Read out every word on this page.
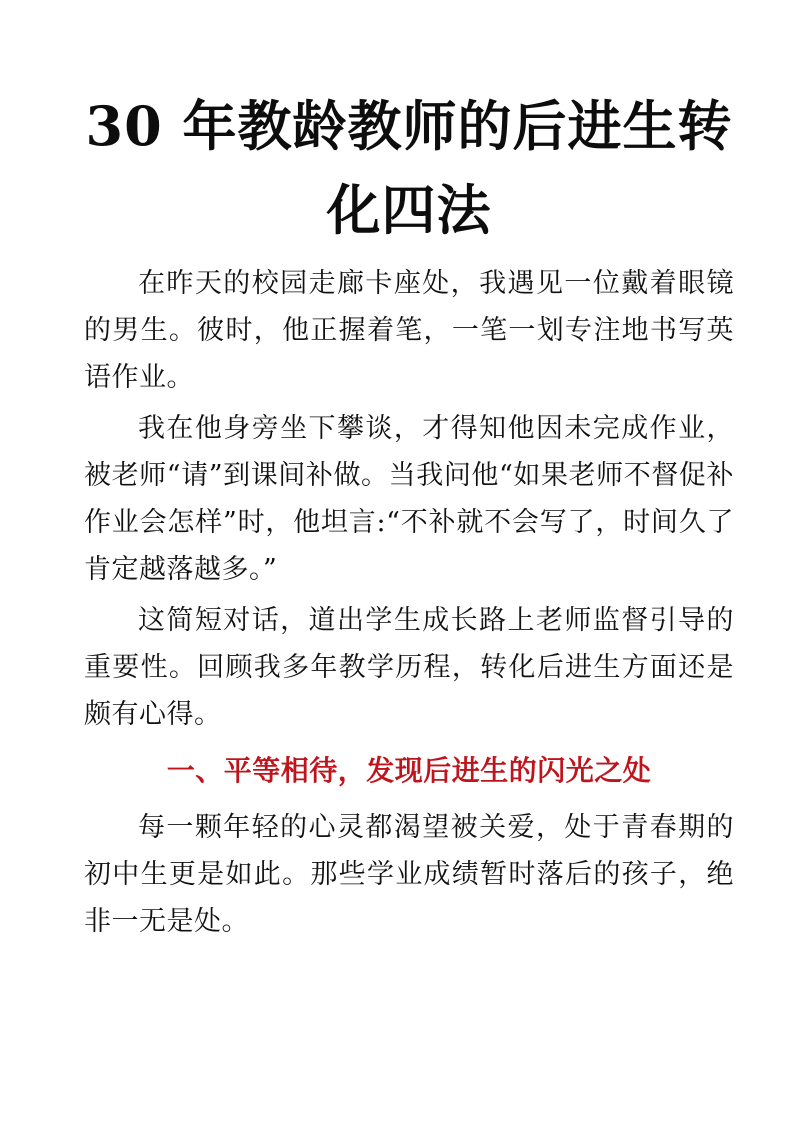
30 年教龄教师的后进生转
化四法

在昨天的校园走廊卡座处，我遇见一位戴着眼镜的男生。彼时，他正握着笔，一笔一划专注地书写英语作业。

我在他身旁坐下攀谈，才得知他因未完成作业，被老师“请”到课间补做。当我问他“如果老师不督促补作业会怎样”时，他坦言:“不补就不会写了，时间久了肯定越落越多。”

这简短对话，道出学生成长路上老师监督引导的重要性。回顾我多年教学历程，转化后进生方面还是颇有心得。

一、平等相待，发现后进生的闪光之处

每一颗年轻的心灵都渴望被关爱，处于青春期的初中生更是如此。那些学业成绩暂时落后的孩子，绝非一无是处。
